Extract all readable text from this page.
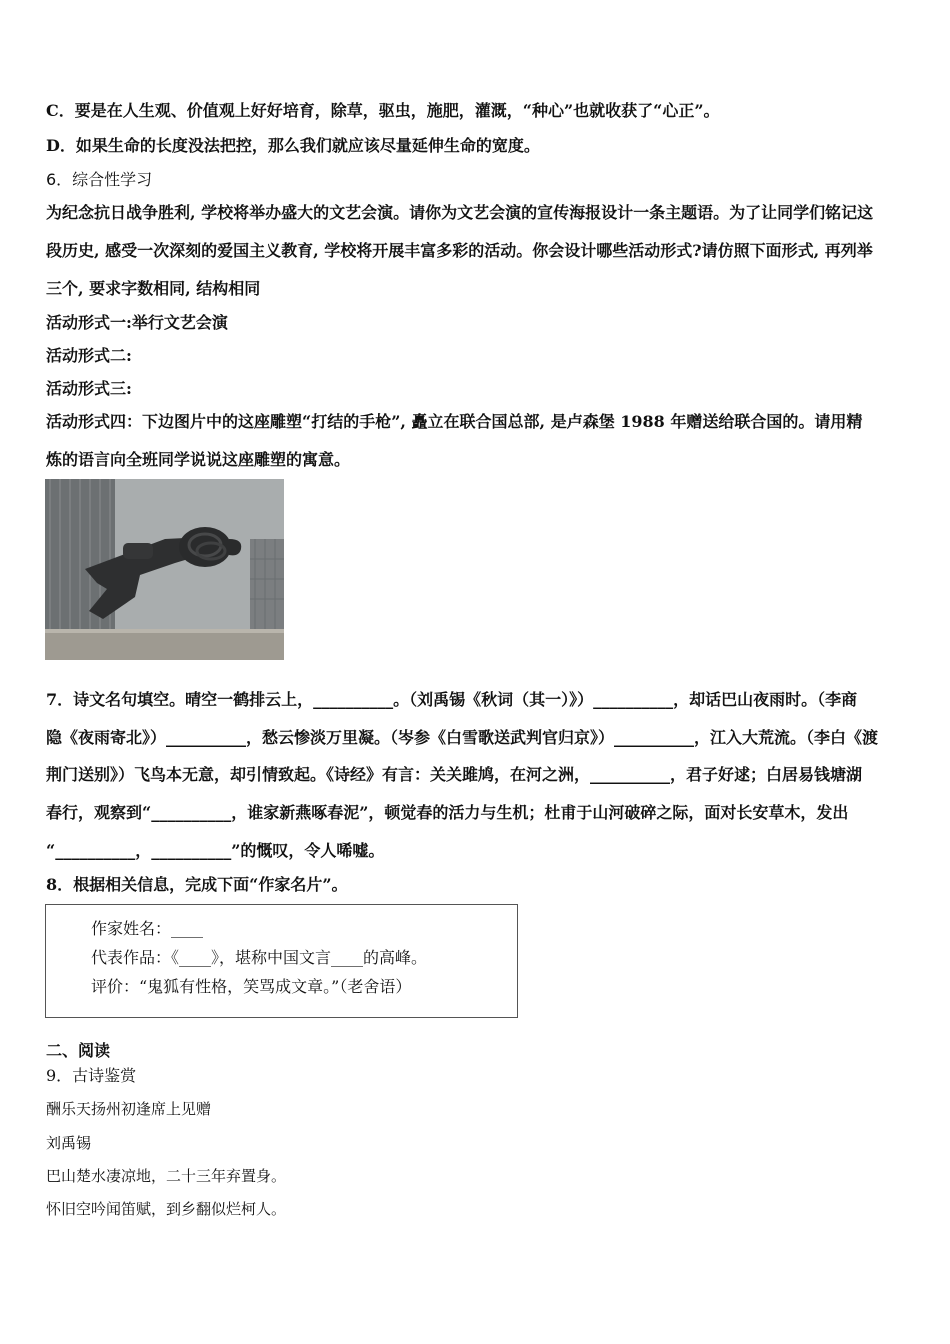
C．要是在人生观、价值观上好好培育，除草，驱虫，施肥，灌溉，“种心”也就收获了“心正”。
D．如果生命的长度没法把控，那么我们就应该尽量延伸生命的宽度。
6．综合性学习
为纪念抗日战争胜利, 学校将举办盛大的文艺会演。请你为文艺会演的宣传海报设计一条主题语。为了让同学们铭记这
段历史, 感受一次深刻的爱国主义教育, 学校将开展丰富多彩的活动。你会设计哪些活动形式?请仿照下面形式, 再列举
三个, 要求字数相同, 结构相同
活动形式一:举行文艺会演
活动形式二:
活动形式三:
活动形式四：下边图片中的这座雕塑“打结的手枪”, 矗立在联合国总部, 是卢森堡 1988 年赠送给联合国的。请用精
炼的语言向全班同学说说这座雕塑的寓意。
7．诗文名句填空。晴空一鹤排云上，__________。（刘禹锡《秋词（其一）》）__________，却话巴山夜雨时。（李商
隐《夜雨寄北》）__________，愁云惨淡万里凝。（岑参《白雪歌送武判官归京》）__________，江入大荒流。（李白《渡
荆门送别》）飞鸟本无意，却引情致起。《诗经》有言：关关雎鸠，在河之洲，__________，君子好逑；白居易钱塘湖
春行，观察到“__________，谁家新燕啄春泥”，顿觉春的活力与生机；杜甫于山河破碎之际，面对长安草木，发出
“__________，__________”的慨叹，令人唏嘘。
8．根据相关信息，完成下面“作家名片”。
作家姓名：____
代表作品：《____》，堪称中国文言____的高峰。
评价：“鬼狐有性格，笑骂成文章。”（老舍语）
二、阅读
9．古诗鉴赏
酬乐天扬州初逢席上见赠
刘禹锡
巴山楚水凄凉地，二十三年弃置身。
怀旧空吟闻笛赋，到乡翻似烂柯人。
